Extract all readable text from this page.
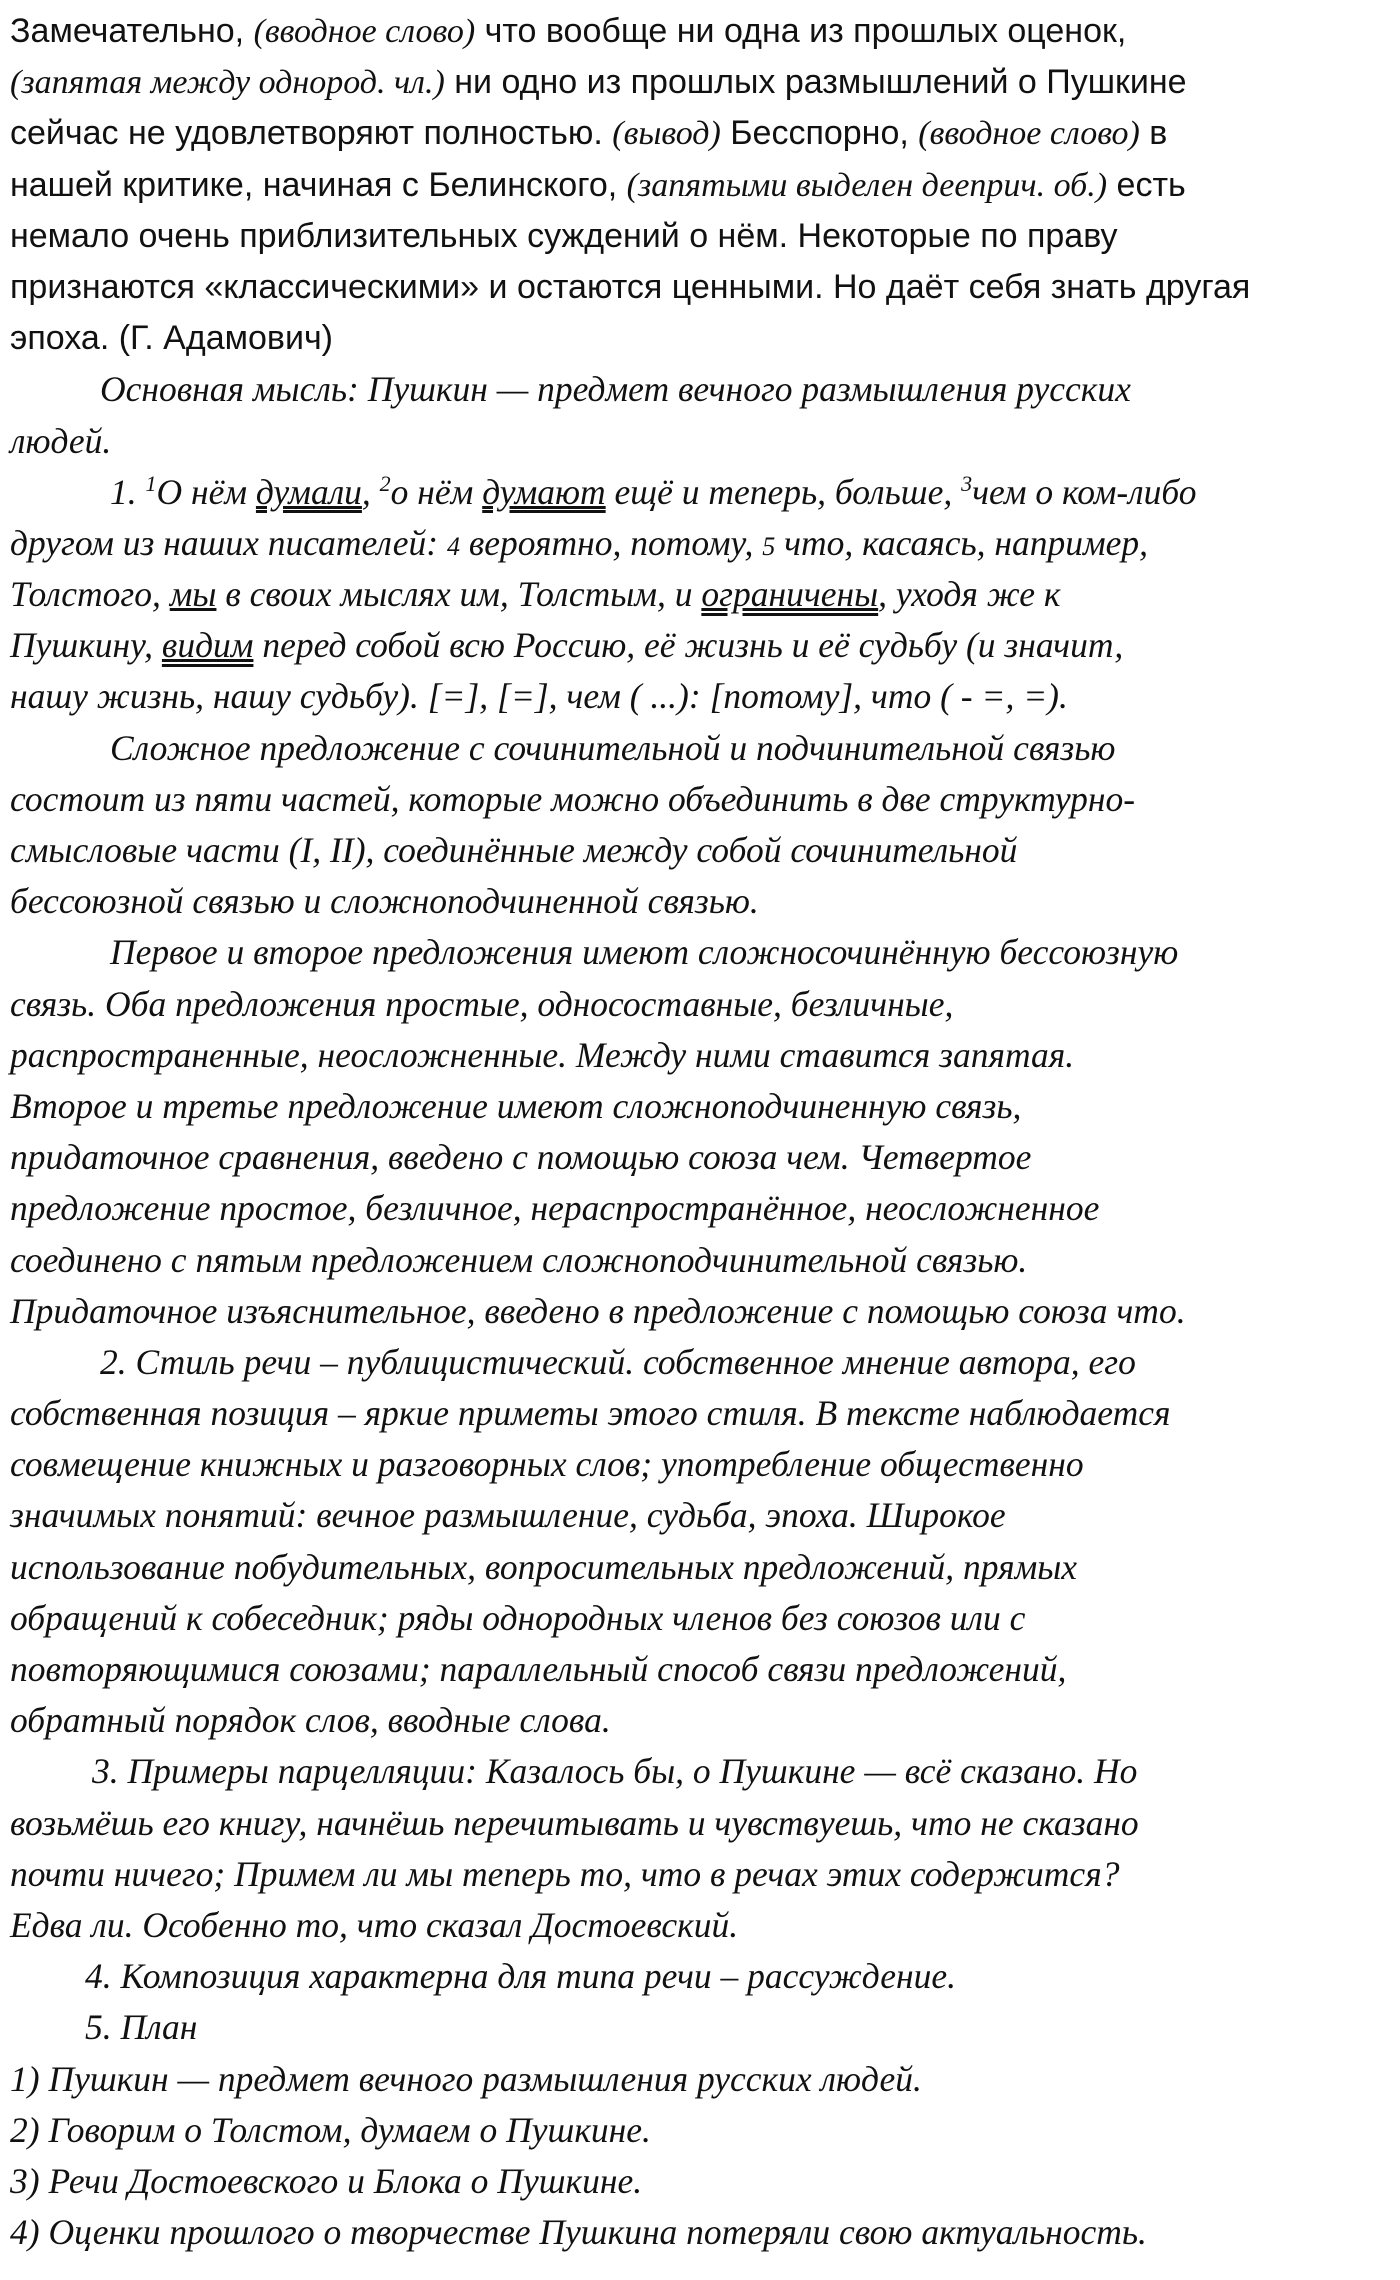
Замечательно, (вводное слово) что вообще ни одна из прошлых оценок,
(запятая между однород. чл.) ни одно из прошлых размышлений о Пушкине
сейчас не удовлетворяют полностью. (вывод) Бесспорно, (вводное слово) в
нашей критике, начиная с Белинского, (запятыми выделен дееприч. об.) есть
немало очень приблизительных суждений о нём. Некоторые по праву
признаются «классическими» и остаются ценными. Но даёт себя знать другая
эпоха. (Г. Адамович)
Основная мысль: Пушкин — предмет вечного размышления русских
людей.
1. $^1$О нём думали, $^2$о нём думают ещё и теперь, больше, $^3$чем о ком-либо
другом из наших писателей: 4 вероятно, потому, 5 что, касаясь, например,
Толстого, мы в своих мыслях им, Толстым, и ограничены, уходя же к
Пушкину, видим перед собой всю Россию, её жизнь и её судьбу (и значит,
нашу жизнь, нашу судьбу). [=], [=], чем ( ...): [потому], что ( - =, =).
Сложное предложение с сочинительной и подчинительной связью
состоит из пяти частей, которые можно объединить в две структурно-
смысловые части (I, II), соединённые между собой сочинительной
бессоюзной связью и сложноподчиненной связью.
Первое и второе предложения имеют сложносочинённую бессоюзную
связь. Оба предложения простые, односоставные, безличные,
распространенные, неосложненные. Между ними ставится запятая.
Второе и третье предложение имеют сложноподчиненную связь,
придаточное сравнения, введено с помощью союза чем. Четвертое
предложение простое, безличное, нераспространённое, неосложненное
соединено с пятым предложением сложноподчинительной связью.
Придаточное изъяснительное, введено в предложение с помощью союза что.
2. Стиль речи – публицистический. собственное мнение автора, его
собственная позиция – яркие приметы этого стиля. В тексте наблюдается
совмещение книжных и разговорных слов; употребление общественно
значимых понятий: вечное размышление, судьба, эпоха. Широкое
использование побудительных, вопросительных предложений, прямых
обращений к собеседник; ряды однородных членов без союзов или с
повторяющимися союзами; параллельный способ связи предложений,
обратный порядок слов, вводные слова.
3. Примеры парцелляции: Казалось бы, о Пушкине — всё сказано. Но
возьмёшь его книгу, начнёшь перечитывать и чувствуешь, что не сказано
почти ничего; Примем ли мы теперь то, что в речах этих содержится?
Едва ли. Особенно то, что сказал Достоевский.
4. Композиция характерна для типа речи – рассуждение.
5. План
1) Пушкин — предмет вечного размышления русских людей.
2) Говорим о Толстом, думаем о Пушкине.
3) Речи Достоевского и Блока о Пушкине.
4) Оценки прошлого о творчестве Пушкина потеряли свою актуальность.
